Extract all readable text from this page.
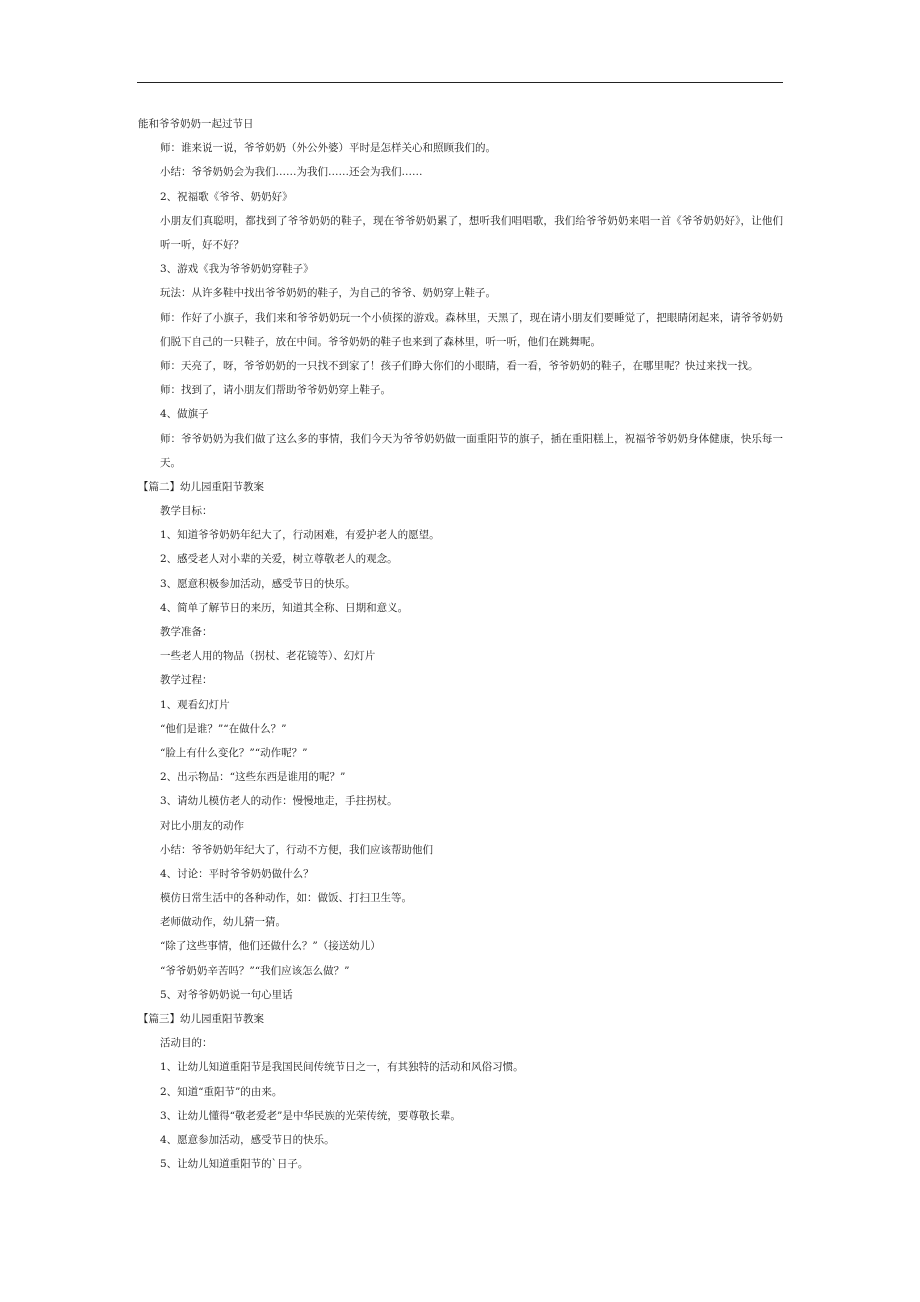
能和爷爷奶奶一起过节日
师：谁来说一说，爷爷奶奶（外公外婆）平时是怎样关心和照顾我们的。
小结：爷爷奶奶会为我们……为我们……还会为我们……
2、祝福歌《爷爷、奶奶好》
小朋友们真聪明，都找到了爷爷奶奶的鞋子，现在爷爷奶奶累了，想听我们唱唱歌，我们给爷爷奶奶来唱一首《爷爷奶奶好》，让他们听一听，好不好？
3、游戏《我为爷爷奶奶穿鞋子》
玩法：从许多鞋中找出爷爷奶奶的鞋子，为自己的爷爷、奶奶穿上鞋子。
师：作好了小旗子，我们来和爷爷奶奶玩一个小侦探的游戏。森林里，天黑了，现在请小朋友们要睡觉了，把眼睛闭起来，请爷爷奶奶们脱下自己的一只鞋子，放在中间。爷爷奶奶的鞋子也来到了森林里，听一听，他们在跳舞呢。
师：天亮了，呀，爷爷奶奶的一只找不到家了！孩子们睁大你们的小眼睛，看一看，爷爷奶奶的鞋子，在哪里呢？快过来找一找。
师：找到了，请小朋友们帮助爷爷奶奶穿上鞋子。
4、做旗子
师：爷爷奶奶为我们做了这么多的事情，我们今天为爷爷奶奶做一面重阳节的旗子，插在重阳糕上，祝福爷爷奶奶身体健康，快乐每一天。
【篇二】幼儿园重阳节教案
教学目标：
1、知道爷爷奶奶年纪大了，行动困难，有爱护老人的愿望。
2、感受老人对小辈的关爱，树立尊敬老人的观念。
3、愿意积极参加活动，感受节日的快乐。
4、简单了解节日的来历，知道其全称、日期和意义。
教学准备：
一些老人用的物品（拐杖、老花镜等）、幻灯片
教学过程：
1、观看幻灯片
“他们是谁？”“在做什么？”
“脸上有什么变化？”“动作呢？”
2、出示物品：“这些东西是谁用的呢？”
3、请幼儿模仿老人的动作：慢慢地走，手拄拐杖。
对比小朋友的动作
小结：爷爷奶奶年纪大了，行动不方便，我们应该帮助他们
4、讨论：平时爷爷奶奶做什么？
模仿日常生活中的各种动作，如：做饭、打扫卫生等。
老师做动作，幼儿猜一猜。
“除了这些事情，他们还做什么？”（接送幼儿）
“爷爷奶奶辛苦吗？”“我们应该怎么做？”
5、对爷爷奶奶说一句心里话
【篇三】幼儿园重阳节教案
活动目的：
1、让幼儿知道重阳节是我国民间传统节日之一，有其独特的活动和风俗习惯。
2、知道“重阳节”的由来。
3、让幼儿懂得“敬老爱老”是中华民族的光荣传统，要尊敬长辈。
4、愿意参加活动，感受节日的快乐。
5、让幼儿知道重阳节的`日子。
